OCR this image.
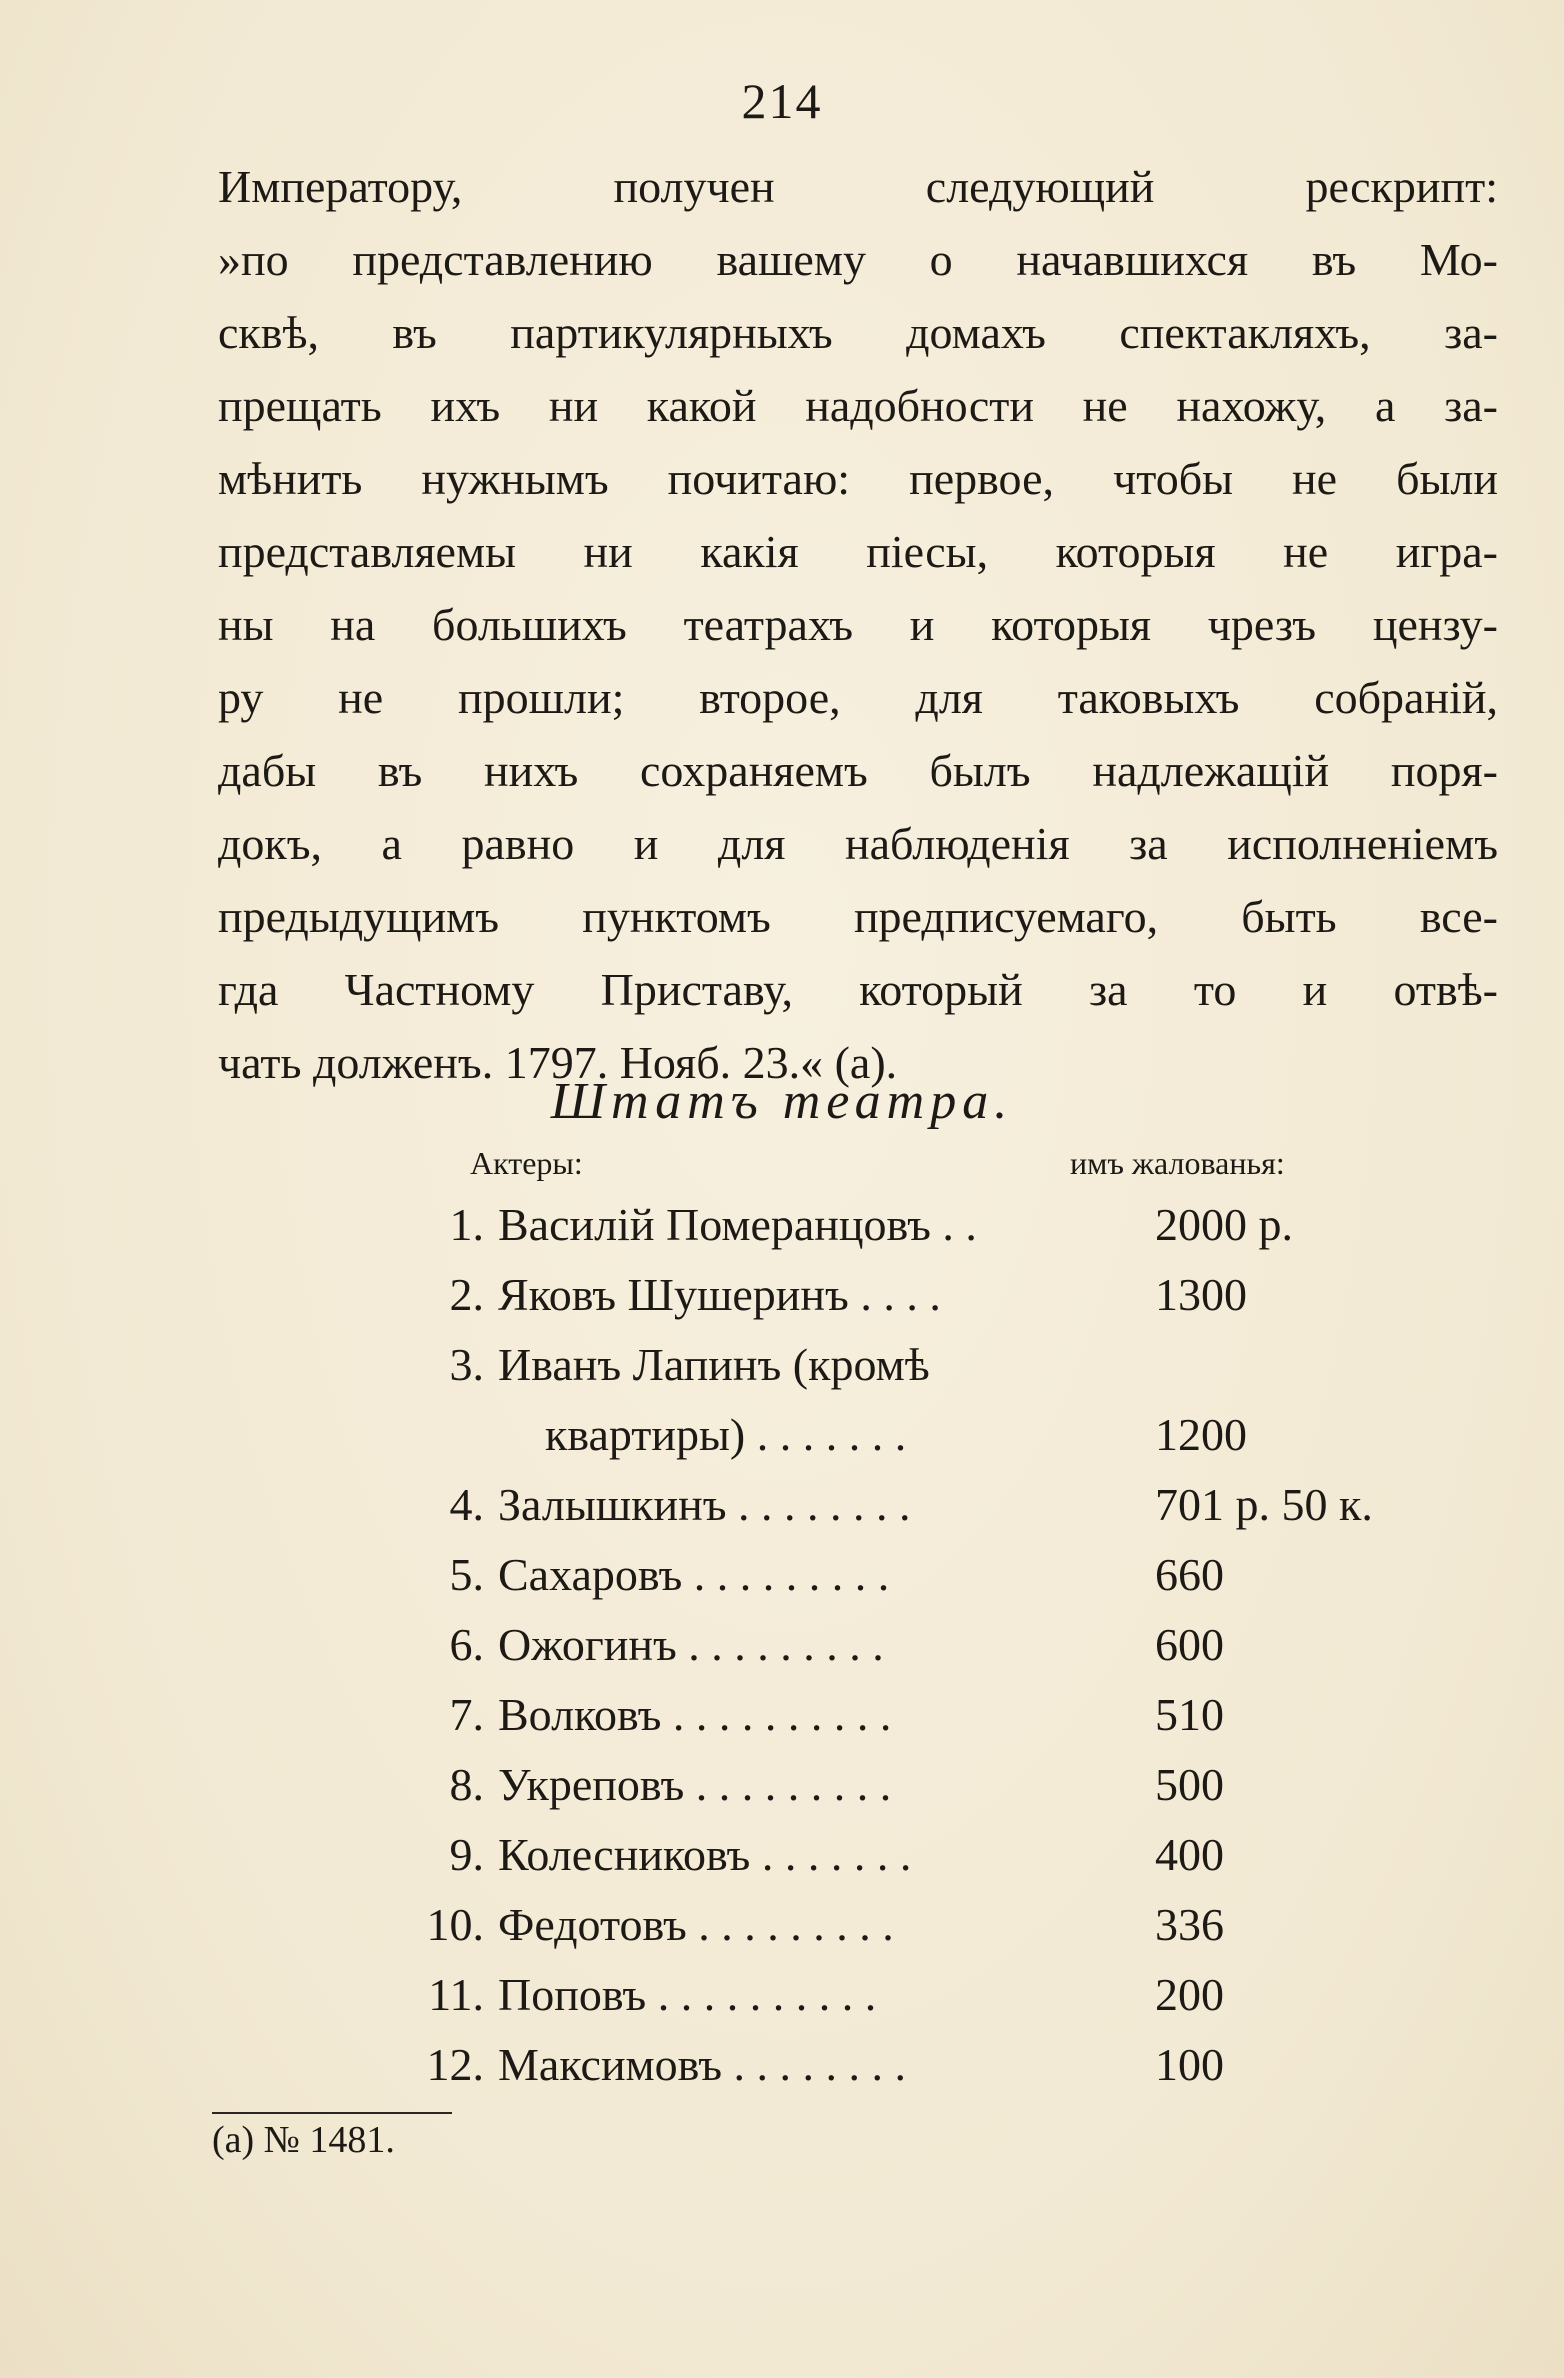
214
Императору, получен следующий рескрипт:
»по представлению вашему о начавшихся въ Мо-
сквѣ, въ партикулярныхъ домахъ спектакляхъ, за-
прещать ихъ ни какой надобности не нахожу, а за-
мѣнить нужнымъ почитаю: первое, чтобы не были
представляемы ни какія піесы, которыя не игра-
ны на большихъ театрахъ и которыя чрезъ цензу-
ру не прошли; второе, для таковыхъ собраній,
дабы въ нихъ сохраняемъ былъ надлежащій поря-
докъ, а равно и для наблюденія за исполненіемъ
предыдущимъ пунктомъ предписуемаго, быть все-
гда Частному Приставу, который за то и отвѣ-
чать долженъ. 1797. Нояб. 23.« (а).
Штатъ театра.
Актеры:	имъ жалованья:
1. Василій Померанцовъ . .	2000 р.
2. Яковъ Шушеринъ . . . .	1300
3. Иванъ Лапинъ (кромѣ
квартиры) . . . . . . .	1200
4. Залышкинъ . . . . . . . .	701 р. 50 к.
5. Сахаровъ . . . . . . . . .	660
6. Ожогинъ . . . . . . . . .	600
7. Волковъ . . . . . . . . . .	510
8. Укреповъ . . . . . . . . .	500
9. Колесниковъ . . . . . . .	400
10. Федотовъ . . . . . . . . .	336
11. Поповъ . . . . . . . . . .	200
12. Максимовъ . . . . . . . .	100
(а) № 1481.
